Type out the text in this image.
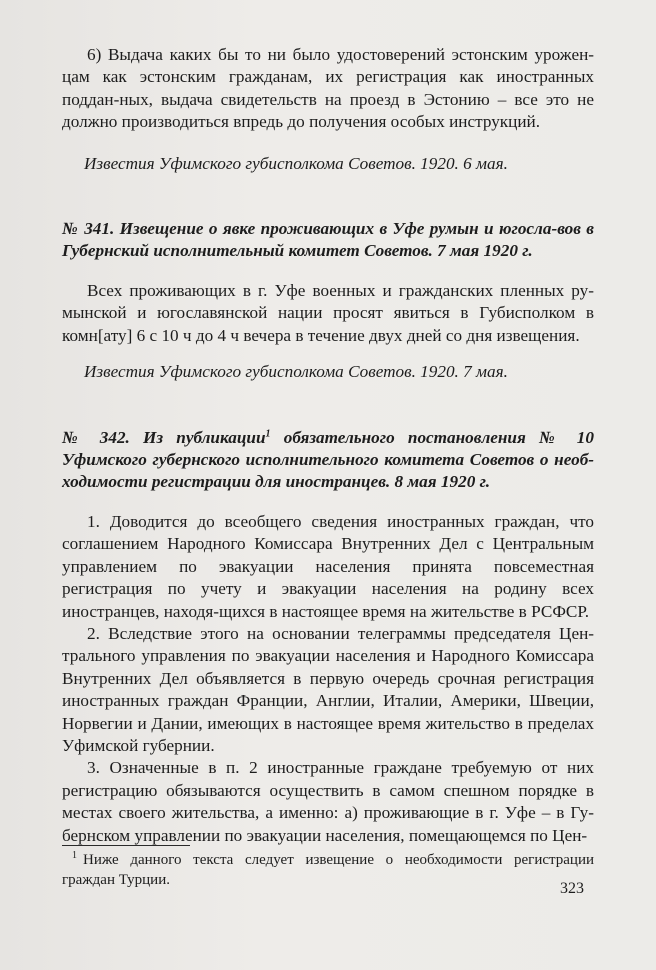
6) Выдача каких бы то ни было удостоверений эстонским урожен-цам как эстонским гражданам, их регистрация как иностранных поддан-ных, выдача свидетельств на проезд в Эстонию – все это не должно производиться впредь до получения особых инструкций.

Известия Уфимского губисполкома Советов. 1920. 6 мая.

№ 341. Извещение о явке проживающих в Уфе румын и югосла-вов в Губернский исполнительный комитет Советов. 7 мая 1920 г.

Всех проживающих в г. Уфе военных и гражданских пленных ру-мынской и югославянской нации просят явиться в Губисполком в комн[ату] 6 с 10 ч до 4 ч вечера в течение двух дней со дня извещения.

Известия Уфимского губисполкома Советов. 1920. 7 мая.

№ 342. Из публикации$^1$ обязательного постановления № 10 Уфимского губернского исполнительного комитета Советов о необ-ходимости регистрации для иностранцев. 8 мая 1920 г.

1. Доводится до всеобщего сведения иностранных граждан, что соглашением Народного Комиссара Внутренних Дел с Центральным управлением по эвакуации населения принята повсеместная регистрация по учету и эвакуации населения на родину всех иностранцев, находя-щихся в настоящее время на жительстве в РСФСР.

2. Вследствие этого на основании телеграммы председателя Цен-трального управления по эвакуации населения и Народного Комиссара Внутренних Дел объявляется в первую очередь срочная регистрация иностранных граждан Франции, Англии, Италии, Америки, Швеции, Норвегии и Дании, имеющих в настоящее время жительство в пределах Уфимской губернии.

3. Означенные в п. 2 иностранные граждане требуемую от них регистрацию обязываются осуществить в самом спешном порядке в местах своего жительства, а именно: а) проживающие в г. Уфе – в Гу-бернском управлении по эвакуации населения, помещающемся по Цен-

$^1$ Ниже данного текста следует извещение о необходимости регистрации граждан Турции.	323
